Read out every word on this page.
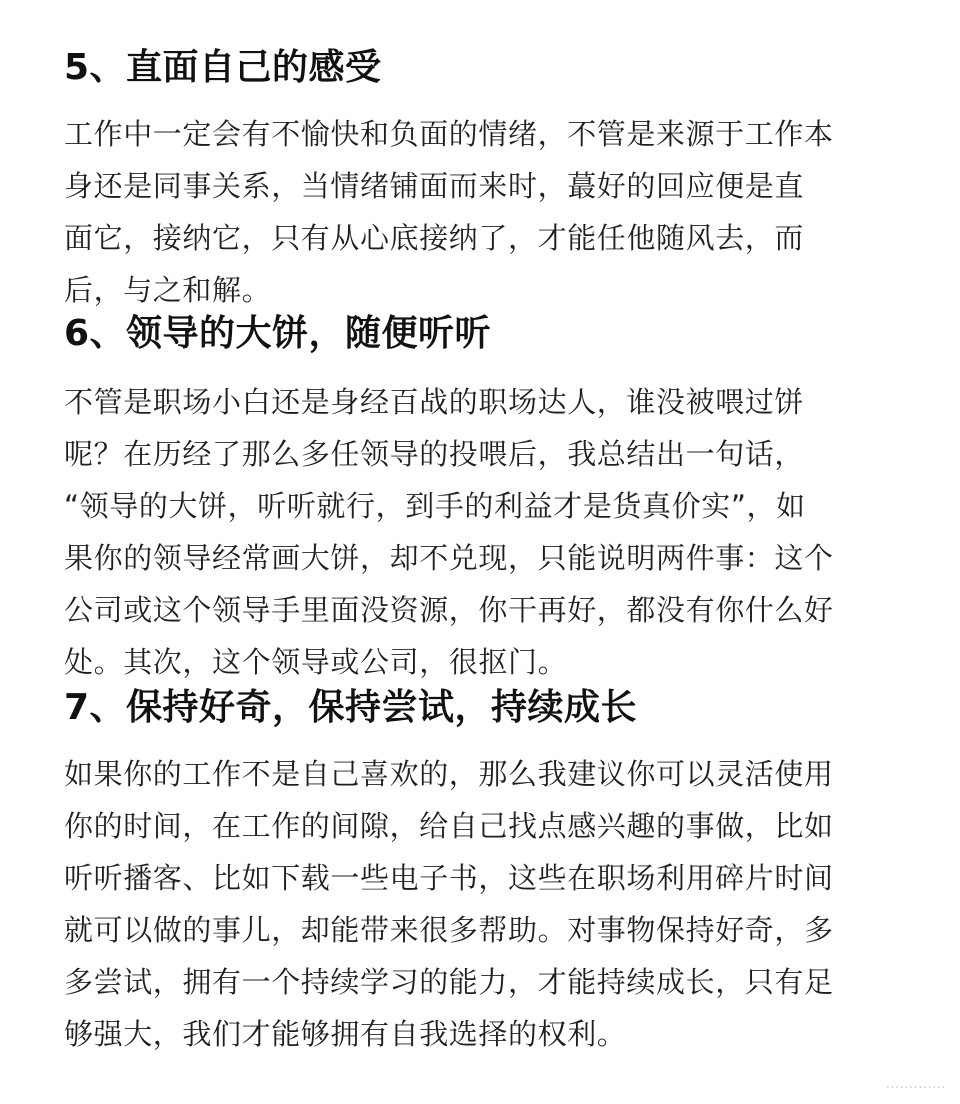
5、直面自己的感受
工作中一定会有不愉快和负面的情绪，不管是来源于工作本
身还是同事关系，当情绪铺面而来时，蕞好的回应便是直
面它，接纳它，只有从心底接纳了，才能任他随风去，而
后，与之和解。
6、领导的大饼，随便听听
不管是职场小白还是身经百战的职场达人，谁没被喂过饼
呢？在历经了那么多任领导的投喂后，我总结出一句话，
“领导的大饼，听听就行，到手的利益才是货真价实”，如
果你的领导经常画大饼，却不兑现，只能说明两件事：这个
公司或这个领导手里面没资源，你干再好，都没有你什么好
处。其次，这个领导或公司，很抠门。
7、保持好奇，保持尝试，持续成长
如果你的工作不是自己喜欢的，那么我建议你可以灵活使用
你的时间，在工作的间隙，给自己找点感兴趣的事做，比如
听听播客、比如下载一些电子书，这些在职场利用碎片时间
就可以做的事儿，却能带来很多帮助。对事物保持好奇，多
多尝试，拥有一个持续学习的能力，才能持续成长，只有足
够强大，我们才能够拥有自我选择的权利。
·············
